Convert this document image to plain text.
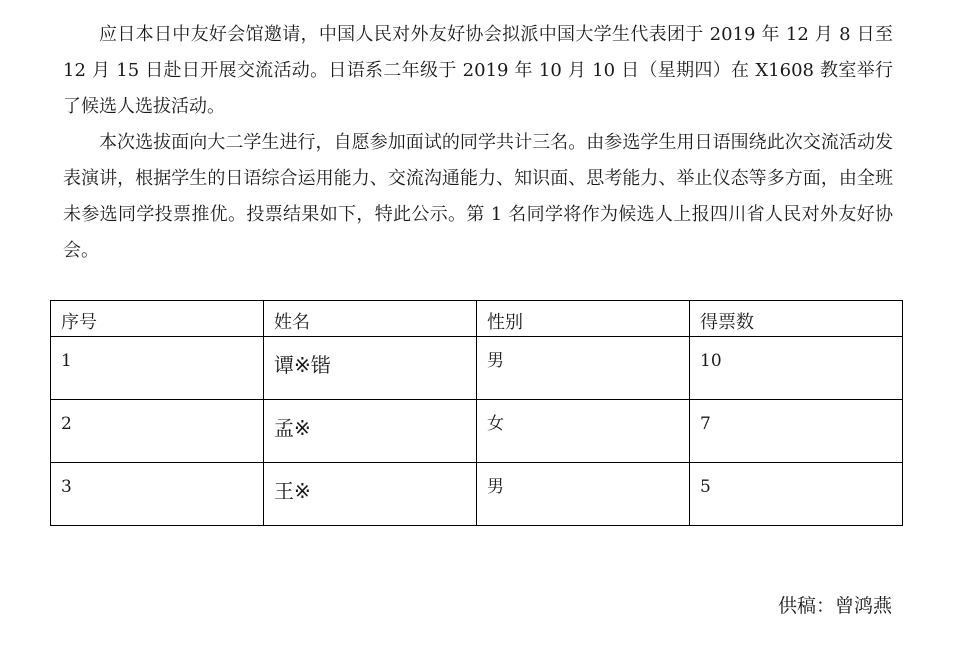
应日本日中友好会馆邀请，中国人民对外友好协会拟派中国大学生代表团于 2019 年 12 月 8 日至 12 月 15 日赴日开展交流活动。日语系二年级于 2019 年 10 月 10 日（星期四）在 X1608 教室举行了候选人选拔活动。

本次选拔面向大二学生进行，自愿参加面试的同学共计三名。由参选学生用日语围绕此次交流活动发表演讲，根据学生的日语综合运用能力、交流沟通能力、知识面、思考能力、举止仪态等多方面，由全班未参选同学投票推优。投票结果如下，特此公示。第 1 名同学将作为候选人上报四川省人民对外友好协会。

序号	姓名	性别	得票数
1	谭※锴	男	10
2	孟※	女	7
3	王※	男	5

供稿：曾鸿燕
